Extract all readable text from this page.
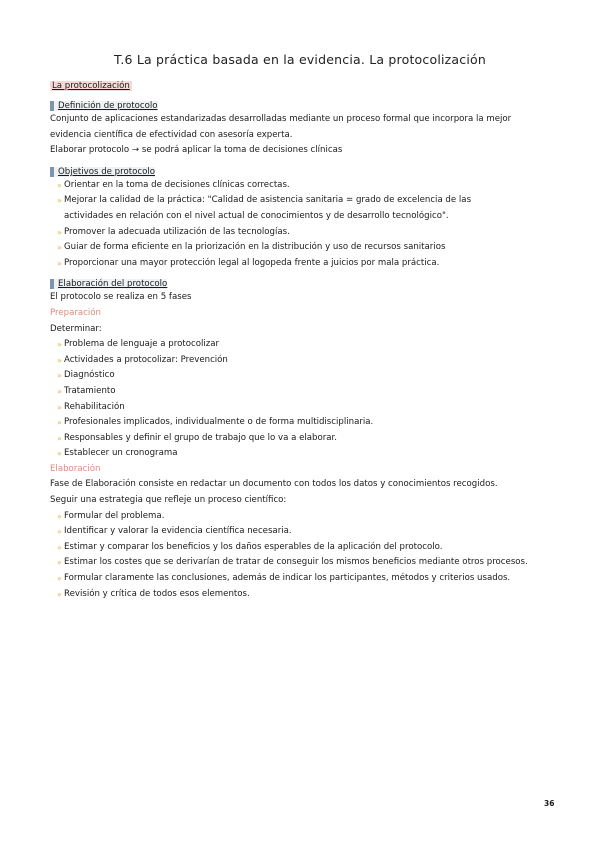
T.6 La práctica basada en la evidencia. La protocolización
La protocolización
Definición de protocolo

Conjunto de aplicaciones estandarizadas desarrolladas mediante un proceso formal que incorpora la mejor

evidencia científica de efectividad con asesoría experta.

Elaborar protocolo → se podrá aplicar la toma de decisiones clínicas

Objetivos de protocolo
» Orientar en la toma de decisiones clínicas correctas.
» Mejorar la calidad de la práctica: "Calidad de asistencia sanitaria = grado de excelencia de las
actividades en relación con el nivel actual de conocimientos y de desarrollo tecnológico".
» Promover la adecuada utilización de las tecnologías.
» Guiar de forma eficiente en la priorización en la distribución y uso de recursos sanitarios
» Proporcionar una mayor protección legal al logopeda frente a juicios por mala práctica.
Elaboración del protocolo

El protocolo se realiza en 5 fases

Preparación

Determinar:

» Problema de lenguaje a protocolizar
» Actividades a protocolizar: Prevención
» Diagnóstico
» Tratamiento
» Rehabilitación
» Profesionales implicados, individualmente o de forma multidisciplinaria.
» Responsables y definir el grupo de trabajo que lo va a elaborar.
» Establecer un cronograma

Elaboración

Fase de Elaboración consiste en redactar un documento con todos los datos y conocimientos recogidos.

Seguir una estrategia que refleje un proceso científico:

» Formular del problema.
» Identificar y valorar la evidencia científica necesaria.
» Estimar y comparar los beneficios y los daños esperables de la aplicación del protocolo.
» Estimar los costes que se derivarían de tratar de conseguir los mismos beneficios mediante otros procesos.
» Formular claramente las conclusiones, además de indicar los participantes, métodos y criterios usados.
» Revisión y crítica de todos esos elementos.
36
